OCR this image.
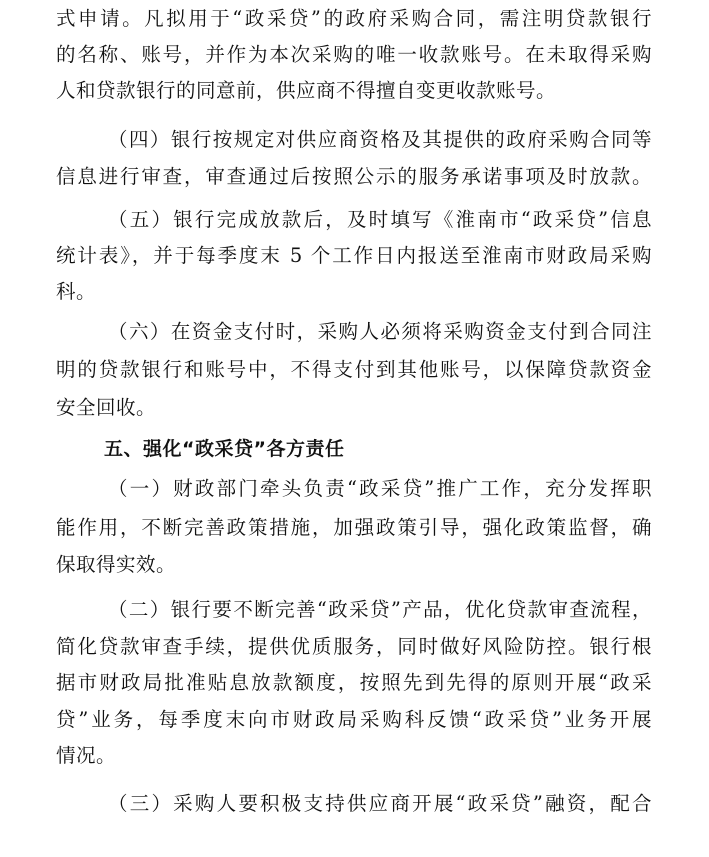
式申请。凡拟用于“政采贷”的政府采购合同，需注明贷款银行
的名称、账号，并作为本次采购的唯一收款账号。在未取得采购
人和贷款银行的同意前，供应商不得擅自变更收款账号。
（四）银行按规定对供应商资格及其提供的政府采购合同等
信息进行审查，审查通过后按照公示的服务承诺事项及时放款。
（五）银行完成放款后，及时填写《淮南市“政采贷”信息
统计表》，并于每季度末 5 个工作日内报送至淮南市财政局采购
科。
（六）在资金支付时，采购人必须将采购资金支付到合同注
明的贷款银行和账号中，不得支付到其他账号，以保障贷款资金
安全回收。
五、强化“政采贷”各方责任
（一）财政部门牵头负责“政采贷”推广工作，充分发挥职
能作用，不断完善政策措施，加强政策引导，强化政策监督，确
保取得实效。
（二）银行要不断完善“政采贷”产品，优化贷款审查流程，
简化贷款审查手续，提供优质服务，同时做好风险防控。银行根
据市财政局批准贴息放款额度，按照先到先得的原则开展“政采
贷”业务，每季度末向市财政局采购科反馈“政采贷”业务开展
情况。
（三）采购人要积极支持供应商开展“政采贷”融资，配合
